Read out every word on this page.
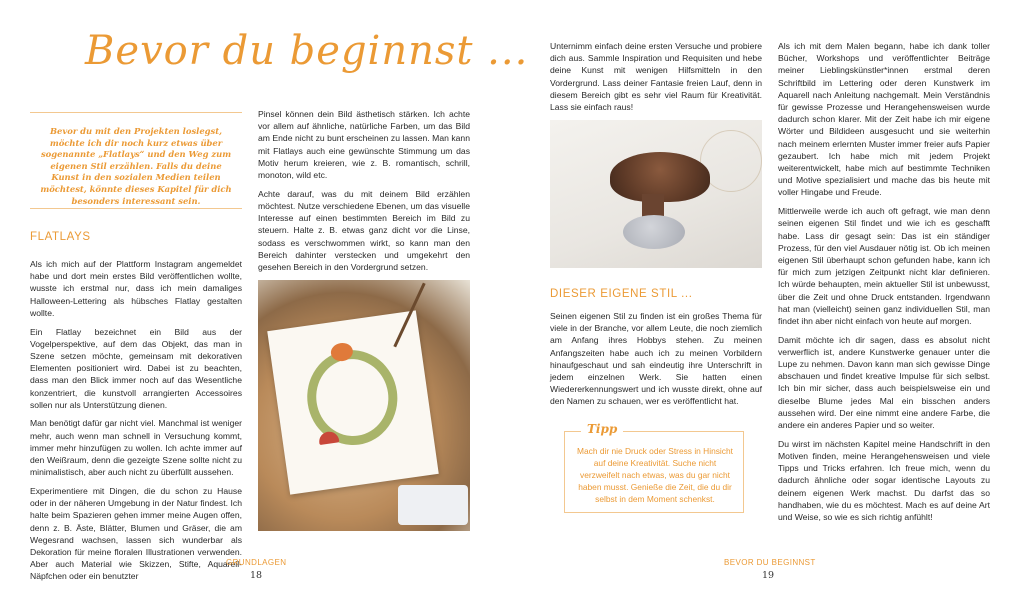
Bevor du beginnst ...
Bevor du mit den Projekten loslegst, möchte ich dir noch kurz etwas über sogenannte „Flatlays“ und den Weg zum eigenen Stil erzählen. Falls du deine Kunst in den sozialen Medien teilen möchtest, könnte dieses Kapitel für dich besonders interessant sein.
FLATLAYS

Als ich mich auf der Plattform Instagram angemeldet habe und dort mein erstes Bild veröffentlichen wollte, wusste ich erstmal nur, dass ich mein damaliges Halloween-Lettering als hübsches Flatlay gestalten wollte.

Ein Flatlay bezeichnet ein Bild aus der Vogelperspektive, auf dem das Objekt, das man in Szene setzen möchte, gemeinsam mit dekorativen Elementen positioniert wird. Dabei ist zu beachten, dass man den Blick immer noch auf das Wesentliche konzentriert, die kunstvoll arrangierten Accessoires sollen nur als Unterstützung dienen.

Man benötigt dafür gar nicht viel. Manchmal ist weniger mehr, auch wenn man schnell in Versuchung kommt, immer mehr hinzufügen zu wollen. Ich achte immer auf den Weißraum, denn die gezeigte Szene sollte nicht zu minimalistisch, aber auch nicht zu überfüllt aussehen.

Experimentiere mit Dingen, die du schon zu Hause oder in der näheren Umgebung in der Natur findest. Ich halte beim Spazieren gehen immer meine Augen offen, denn z. B. Äste, Blätter, Blumen und Gräser, die am Wegesrand wachsen, lassen sich wunderbar als Dekoration für meine floralen Illustrationen verwenden. Aber auch Material wie Skizzen, Stifte, Aquarell-Näpfchen oder ein benutzter

Pinsel können dein Bild ästhetisch stärken. Ich achte vor allem auf ähnliche, natürliche Farben, um das Bild am Ende nicht zu bunt erscheinen zu lassen. Man kann mit Flatlays auch eine gewünschte Stimmung um das Motiv herum kreieren, wie z. B. romantisch, schrill, monoton, wild etc.

Achte darauf, was du mit deinem Bild erzählen möchtest. Nutze verschiedene Ebenen, um das visuelle Interesse auf einen bestimmten Bereich im Bild zu steuern. Halte z. B. etwas ganz dicht vor die Linse, sodass es verschwommen wirkt, so kann man den Bereich dahinter verstecken und umgekehrt den gesehen Bereich in den Vordergrund setzen.

GRUNDLAGEN
18

Unternimm einfach deine ersten Versuche und probiere dich aus. Sammle Inspiration und Requisiten und hebe deine Kunst mit wenigen Hilfsmitteln in den Vordergrund. Lass deiner Fantasie freien Lauf, denn in diesem Bereich gibt es sehr viel Raum für Kreativität. Lass sie einfach raus!

DIESER EIGENE STIL ...

Seinen eigenen Stil zu finden ist ein großes Thema für viele in der Branche, vor allem Leute, die noch ziemlich am Anfang ihres Hobbys stehen. Zu meinen Anfangszeiten habe auch ich zu meinen Vorbildern hinaufgeschaut und sah eindeutig ihre Unterschrift in jedem einzelnen Werk. Sie hatten einen Wiedererkennungswert und ich wusste direkt, ohne auf den Namen zu schauen, wer es veröffentlicht hat.

Tipp
Mach dir nie Druck oder Stress in Hinsicht auf deine Kreativität. Suche nicht verzweifelt nach etwas, was du gar nicht haben musst. Genieße die Zeit, die du dir selbst in dem Moment schenkst.

Als ich mit dem Malen begann, habe ich dank toller Bücher, Workshops und veröffentlichter Beiträge meiner Lieblingskünstler*innen erstmal deren Schriftbild im Lettering oder deren Kunstwerk im Aquarell nach Anleitung nachgemalt. Mein Verständnis für gewisse Prozesse und Herangehensweisen wurde dadurch schon klarer. Mit der Zeit habe ich mir eigene Wörter und Bildideen ausgesucht und sie weiterhin nach meinem erlernten Muster immer freier aufs Papier gezaubert. Ich habe mich mit jedem Projekt weiterentwickelt, habe mich auf bestimmte Techniken und Motive spezialisiert und mache das bis heute mit voller Hingabe und Freude.

Mittlerweile werde ich auch oft gefragt, wie man denn seinen eigenen Stil findet und wie ich es geschafft habe. Lass dir gesagt sein: Das ist ein ständiger Prozess, für den viel Ausdauer nötig ist. Ob ich meinen eigenen Stil überhaupt schon gefunden habe, kann ich für mich zum jetzigen Zeitpunkt nicht klar definieren. Ich würde behaupten, mein aktueller Stil ist unbewusst, über die Zeit und ohne Druck entstanden. Irgendwann hat man (vielleicht) seinen ganz individuellen Stil, man findet ihn aber nicht einfach von heute auf morgen.

Damit möchte ich dir sagen, dass es absolut nicht verwerflich ist, andere Kunstwerke genauer unter die Lupe zu nehmen. Davon kann man sich gewisse Dinge abschauen und findet kreative Impulse für sich selbst. Ich bin mir sicher, dass auch beispielsweise ein und dieselbe Blume jedes Mal ein bisschen anders aussehen wird. Der eine nimmt eine andere Farbe, die andere ein anderes Papier und so weiter.

Du wirst im nächsten Kapitel meine Handschrift in den Motiven finden, meine Herangehensweisen und viele Tipps und Tricks erfahren. Ich freue mich, wenn du dadurch ähnliche oder sogar identische Layouts zu deinem eigenen Werk machst. Du darfst das so handhaben, wie du es möchtest. Mach es auf deine Art und Weise, so wie es sich richtig anfühlt!

BEVOR DU BEGINNST
19
